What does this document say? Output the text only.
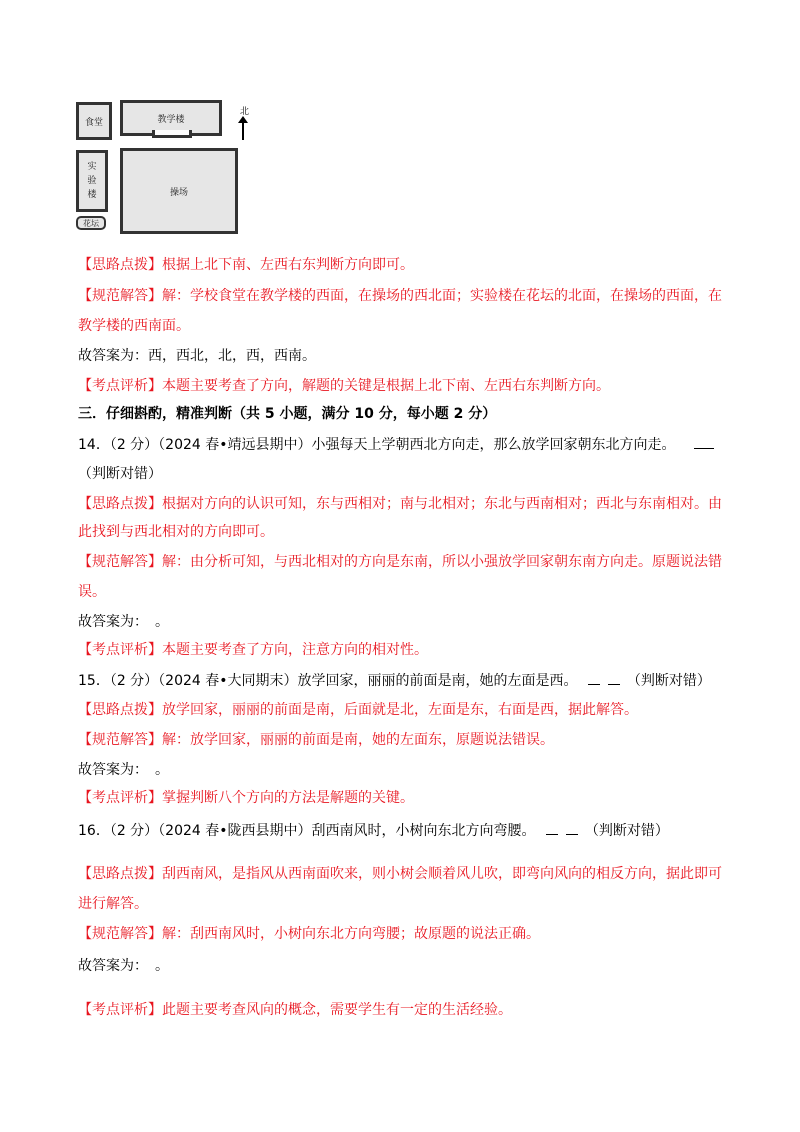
食堂	教学楼
北
实
验
楼	操场
花坛
【思路点拨】根据上北下南、左西右东判断方向即可。
【规范解答】解：学校食堂在教学楼的西面，在操场的西北面；实验楼在花坛的北面，在操场的西面，在
教学楼的西南面。
故答案为：西，西北，北，西，西南。
【考点评析】本题主要考查了方向，解题的关键是根据上北下南、左西右东判断方向。
三．仔细斟酌，精准判断（共 5 小题，满分 10 分，每小题 2 分）
14．（2 分）（2024 春•靖远县期中）小强每天上学朝西北方向走，那么放学回家朝东北方向走。
（判断对错）
【思路点拨】根据对方向的认识可知，东与西相对；南与北相对；东北与西南相对；西北与东南相对。由
此找到与西北相对的方向即可。
【规范解答】解：由分析可知，与西北相对的方向是东南，所以小强放学回家朝东南方向走。原题说法错
误。
故答案为：　。
【考点评析】本题主要考查了方向，注意方向的相对性。
15．（2 分）（2024 春•大同期末）放学回家，丽丽的前面是南，她的左面是西。	（判断对错）
【思路点拨】放学回家，丽丽的前面是南，后面就是北，左面是东，右面是西，据此解答。
【规范解答】解：放学回家，丽丽的前面是南，她的左面东，原题说法错误。
故答案为：　。
【考点评析】掌握判断八个方向的方法是解题的关键。
16．（2 分）（2024 春•陇西县期中）刮西南风时，小树向东北方向弯腰。	（判断对错）
【思路点拨】刮西南风，是指风从西南面吹来，则小树会顺着风儿吹，即弯向风向的相反方向，据此即可
进行解答。
【规范解答】解：刮西南风时，小树向东北方向弯腰；故原题的说法正确。
故答案为：　。
【考点评析】此题主要考查风向的概念，需要学生有一定的生活经验。
